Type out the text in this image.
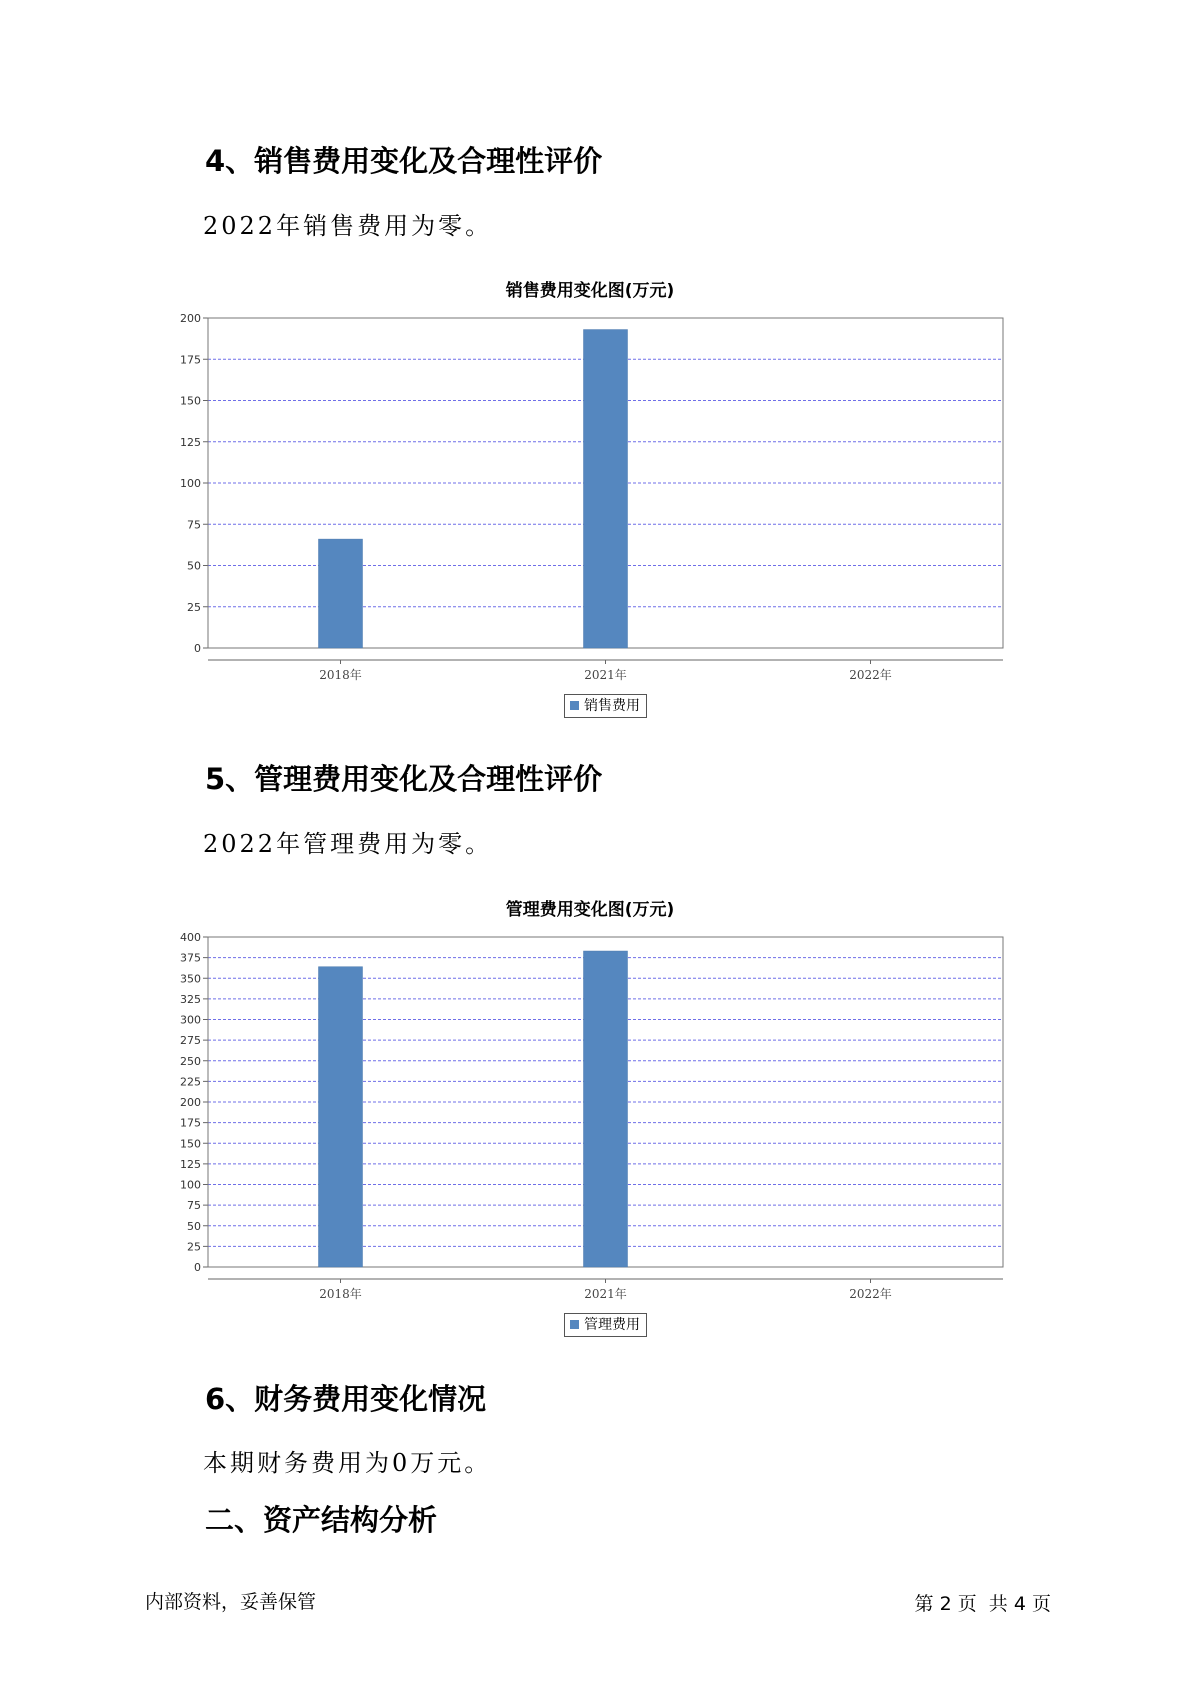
4、销售费用变化及合理性评价
2022年销售费用为零。
销售费用变化图(万元)
0
25
50
75
100
125
150
175
200
2018年	2021年	2022年
销售费用
5、管理费用变化及合理性评价
2022年管理费用为零。
管理费用变化图(万元)
0
25
50
75
100
125
150
175
200
225
250
275
300
325
350
375
400
2018年	2021年	2022年
管理费用
6、财务费用变化情况
本期财务费用为0万元。
二、资产结构分析
内部资料，妥善保管	第 2 页  共 4 页
